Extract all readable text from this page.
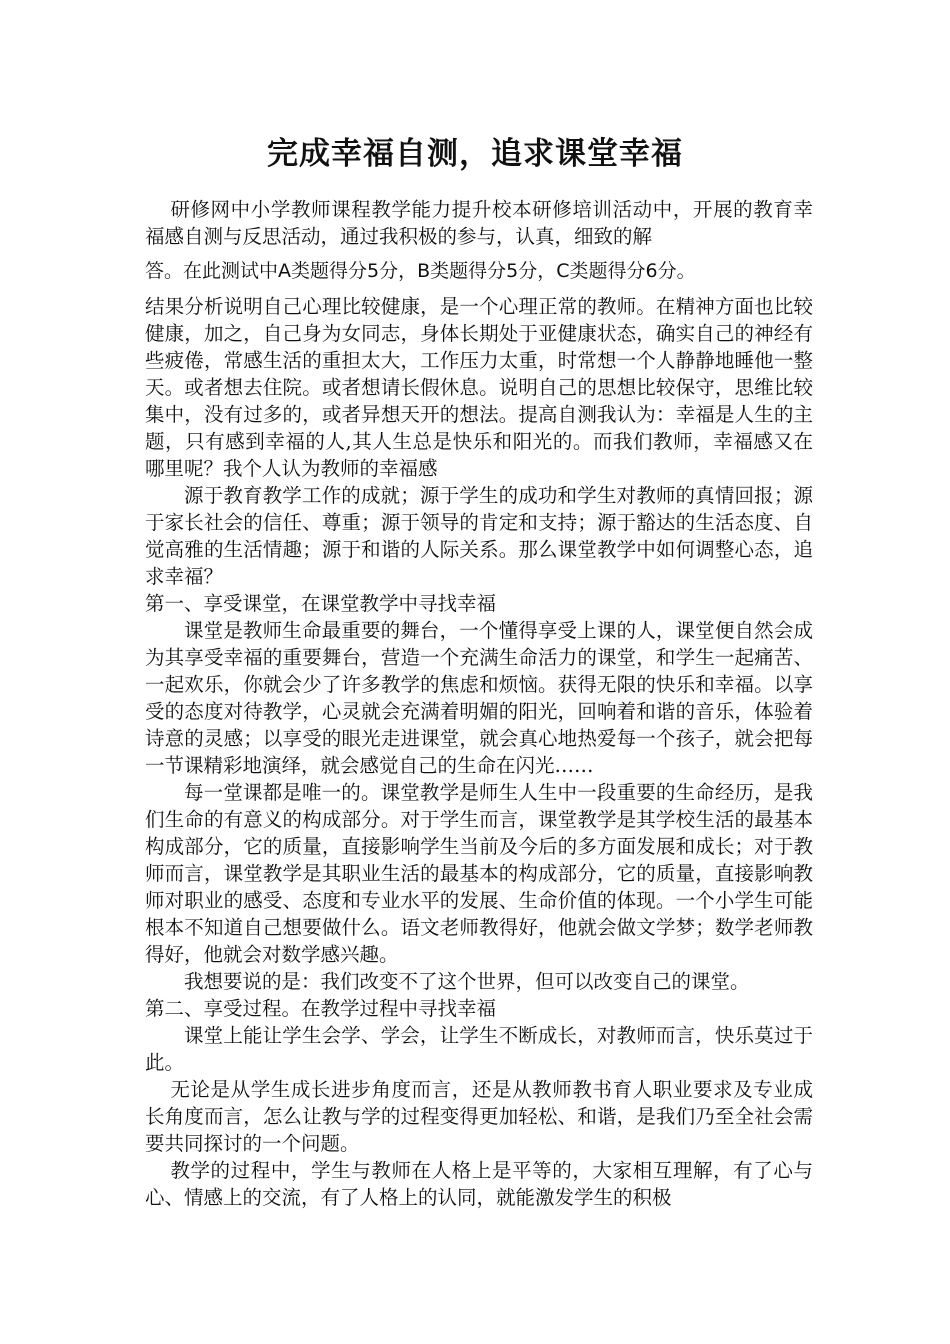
完成幸福自测，追求课堂幸福

研修网中小学教师课程教学能力提升校本研修培训活动中，开展的教育幸福感自测与反思活动，通过我积极的参与，认真，细致的解

答。在此测试中A类题得分5分，B类题得分5分，C类题得分6分。

结果分析说明自己心理比较健康，是一个心理正常的教师。在精神方面也比较健康，加之，自己身为女同志，身体长期处于亚健康状态，确实自己的神经有些疲倦，常感生活的重担太大，工作压力太重，时常想一个人静静地睡他一整天。或者想去住院。或者想请长假休息。说明自己的思想比较保守，思维比较集中，没有过多的，或者异想天开的想法。提高自测我认为：幸福是人生的主题，只有感到幸福的人,其人生总是快乐和阳光的。而我们教师，幸福感又在哪里呢？我个人认为教师的幸福感

源于教育教学工作的成就；源于学生的成功和学生对教师的真情回报；源于家长社会的信任、尊重；源于领导的肯定和支持；源于豁达的生活态度、自觉高雅的生活情趣；源于和谐的人际关系。那么课堂教学中如何调整心态，追求幸福？

第一、享受课堂，在课堂教学中寻找幸福

课堂是教师生命最重要的舞台，一个懂得享受上课的人，课堂便自然会成为其享受幸福的重要舞台，营造一个充满生命活力的课堂，和学生一起痛苦、一起欢乐，你就会少了许多教学的焦虑和烦恼。获得无限的快乐和幸福。以享受的态度对待教学，心灵就会充满着明媚的阳光，回响着和谐的音乐，体验着诗意的灵感；以享受的眼光走进课堂，就会真心地热爱每一个孩子，就会把每一节课精彩地演绎，就会感觉自己的生命在闪光……

每一堂课都是唯一的。课堂教学是师生人生中一段重要的生命经历，是我们生命的有意义的构成部分。对于学生而言，课堂教学是其学校生活的最基本构成部分，它的质量，直接影响学生当前及今后的多方面发展和成长；对于教师而言，课堂教学是其职业生活的最基本的构成部分，它的质量，直接影响教师对职业的感受、态度和专业水平的发展、生命价值的体现。一个小学生可能根本不知道自己想要做什么。语文老师教得好，他就会做文学梦；数学老师教得好，他就会对数学感兴趣。

我想要说的是：我们改变不了这个世界，但可以改变自己的课堂。

第二、享受过程。在教学过程中寻找幸福

课堂上能让学生会学、学会，让学生不断成长，对教师而言，快乐莫过于此。

无论是从学生成长进步角度而言，还是从教师教书育人职业要求及专业成长角度而言，怎么让教与学的过程变得更加轻松、和谐，是我们乃至全社会需要共同探讨的一个问题。

教学的过程中，学生与教师在人格上是平等的，大家相互理解，有了心与心、情感上的交流，有了人格上的认同，就能激发学生的积极
